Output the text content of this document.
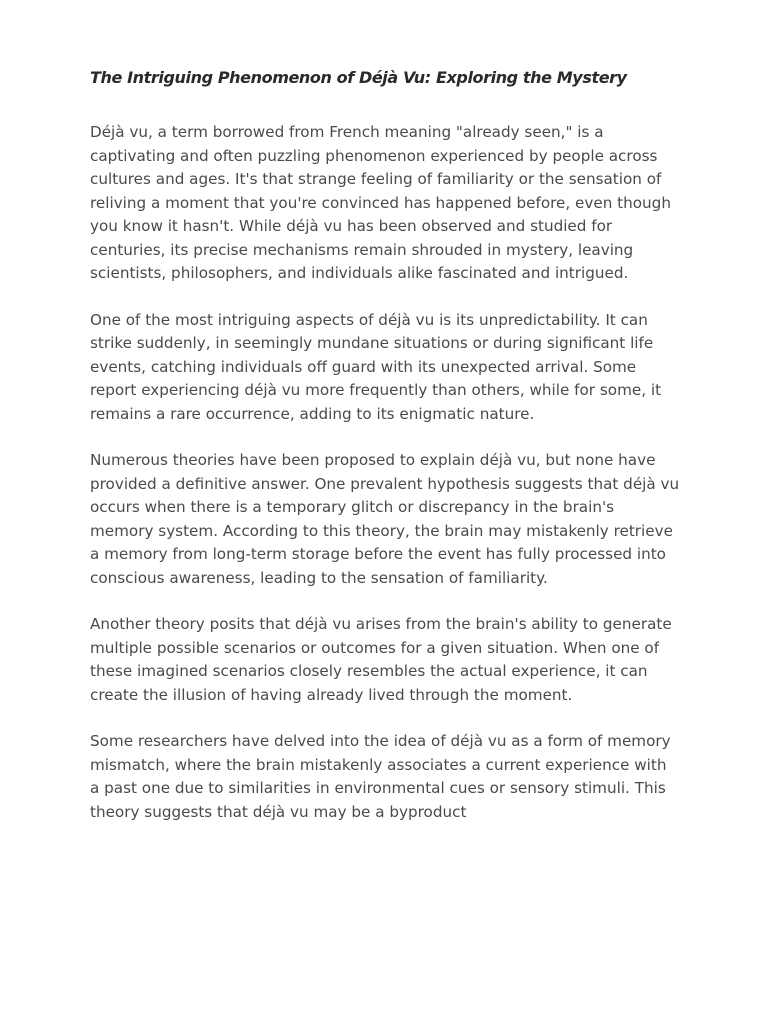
The Intriguing Phenomenon of Déjà Vu: Exploring the Mystery

Déjà vu, a term borrowed from French meaning "already seen," is a captivating and often puzzling phenomenon experienced by people across cultures and ages. It's that strange feeling of familiarity or the sensation of reliving a moment that you're convinced has happened before, even though you know it hasn't. While déjà vu has been observed and studied for centuries, its precise mechanisms remain shrouded in mystery, leaving scientists, philosophers, and individuals alike fascinated and intrigued.

One of the most intriguing aspects of déjà vu is its unpredictability. It can strike suddenly, in seemingly mundane situations or during significant life events, catching individuals off guard with its unexpected arrival. Some report experiencing déjà vu more frequently than others, while for some, it remains a rare occurrence, adding to its enigmatic nature.

Numerous theories have been proposed to explain déjà vu, but none have provided a definitive answer. One prevalent hypothesis suggests that déjà vu occurs when there is a temporary glitch or discrepancy in the brain's memory system. According to this theory, the brain may mistakenly retrieve a memory from long-term storage before the event has fully processed into conscious awareness, leading to the sensation of familiarity.

Another theory posits that déjà vu arises from the brain's ability to generate multiple possible scenarios or outcomes for a given situation. When one of these imagined scenarios closely resembles the actual experience, it can create the illusion of having already lived through the moment.

Some researchers have delved into the idea of déjà vu as a form of memory mismatch, where the brain mistakenly associates a current experience with a past one due to similarities in environmental cues or sensory stimuli. This theory suggests that déjà vu may be a byproduct
